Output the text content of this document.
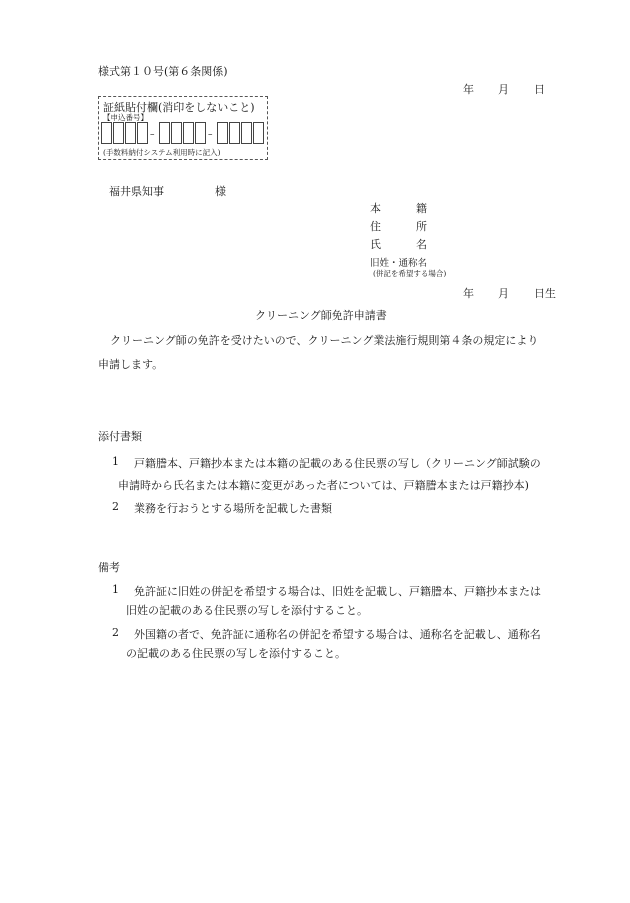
様式第１０号(第６条関係)
年 月 日
証紙貼付欄(消印をしないこと)
【申込番号】
–	–
(手数料納付システム利用時に記入)
福井県知事	様
本	籍
住	所
氏	名
旧姓・通称名
(併記を希望する場合)
年 月 日生
クリーニング師免許申請書
クリーニング師の免許を受けたいので、クリーニング業法施行規則第４条の規定により
申請します。
添付書類
1 戸籍謄本、戸籍抄本または本籍の記載のある住民票の写し（クリーニング師試験の
申請時から氏名または本籍に変更があった者については、戸籍謄本または戸籍抄本)
2 業務を行おうとする場所を記載した書類
備考
1 免許証に旧姓の併記を希望する場合は、旧姓を記載し、戸籍謄本、戸籍抄本または
旧姓の記載のある住民票の写しを添付すること。
2 外国籍の者で、免許証に通称名の併記を希望する場合は、通称名を記載し、通称名
の記載のある住民票の写しを添付すること。
